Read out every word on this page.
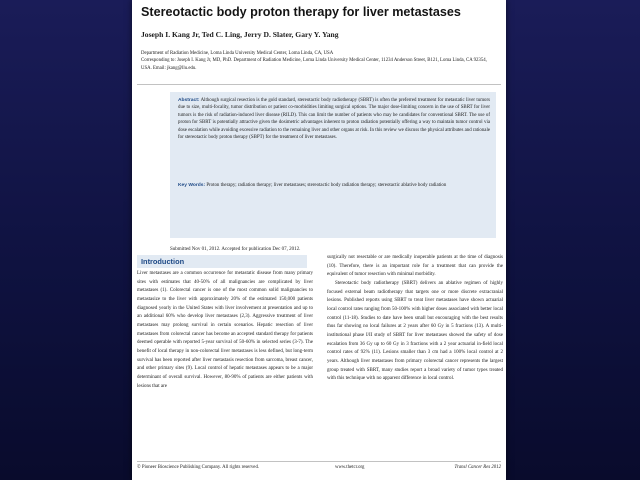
Stereotactic body proton therapy for liver metastases
Joseph I. Kang Jr, Ted C. Ling, Jerry D. Slater, Gary Y. Yang
Department of Radiation Medicine, Loma Linda University Medical Center, Loma Linda, CA, USA
Corresponding to: Joseph I. Kang Jr, MD, PhD. Department of Radiation Medicine, Loma Linda University Medical Center, 11234 Anderson Street, B121, Loma Linda, CA 92354, USA. Email: jkang@llu.edu.
Abstract: Although surgical resection is the gold standard, stereotactic body radiotherapy (SBRT) is often the preferred treatment for metastatic liver tumors due to size, multi-focality, tumor distribution or patient co-morbidities limiting surgical options. The major dose-limiting concern in the use of SBRT for liver tumors is the risk of radiation-induced liver disease (RILD). This can limit the number of patients who may be candidates for conventional SBRT. The use of proton for SBRT is potentially attractive given the dosimetric advantages inherent to proton radiation potentially offering a way to maintain tumor control via dose escalation while avoiding excessive radiation to the remaining liver and other organs at risk. In this review we discuss the physical attributes and rationale for stereotactic body proton therapy (SBPT) for the treatment of liver metastases.
Key Words: Proton therapy; radiation therapy; liver metastases; stereotactic body radiation therapy; stereotactic ablative body radiation
Submitted Nov 01, 2012. Accepted for publication Dec 07, 2012.
Introduction

Liver metastases are a common occurrence for metastatic disease from many primary sites with estimates that 40-50% of all malignancies are complicated by liver metastases (1). Colorectal cancer is one of the most common solid malignancies to metastasize to the liver with approximately 20% of the estimated 150,000 patients diagnosed yearly in the United States with liver involvement at presentation and up to an additional 60% who develop liver metastases (2,3). Aggressive treatment of liver metastases may prolong survival in certain scenarios. Hepatic resection of liver metastases from colorectal cancer has become an accepted standard therapy for patients deemed operable with reported 5-year survival of 50-60% in selected series (3-7). The benefit of local therapy in non-colorectal liver metastases is less defined, but long-term survival has been reported after liver metastasis resection from sarcoma, breast cancer, and other primary sites (9). Local control of hepatic metastases appears to be a major determinant of overall survival. However, 80-90% of patients are either patients with lesions that are

surgically not resectable or are medically inoperable patients at the time of diagnosis (10). Therefore, there is an important role for a treatment that can provide the equivalent of tumor resection with minimal morbidity.

Stereotactic body radiotherapy (SBRT) delivers an ablative regimen of highly focused external beam radiotherapy that targets one or more discrete extracranial lesions. Published reports using SBRT to treat liver metastases have shown actuarial local control rates ranging from 50-100% with higher doses associated with better local control (11-18). Studies to date have been small but encouraging with the best results thus far showing no local failures at 2 years after 60 Gy in 5 fractions (13). A multi-institutional phase I/II study of SBRT for liver metastases showed the safety of dose escalation from 36 Gy up to 60 Gy in 3 fractions with a 2 year actuarial in-field local control rates of 92% (11). Lesions smaller than 3 cm had a 100% local control at 2 years. Although liver metastases from primary colorectal cancer represents the largest group treated with SBRT, many studies report a broad variety of tumor types treated with this technique with no apparent difference in local control.

© Pioneer Bioscience Publishing Company. All rights reserved.	www.thetcr.org	Transl Cancer Res 2012
